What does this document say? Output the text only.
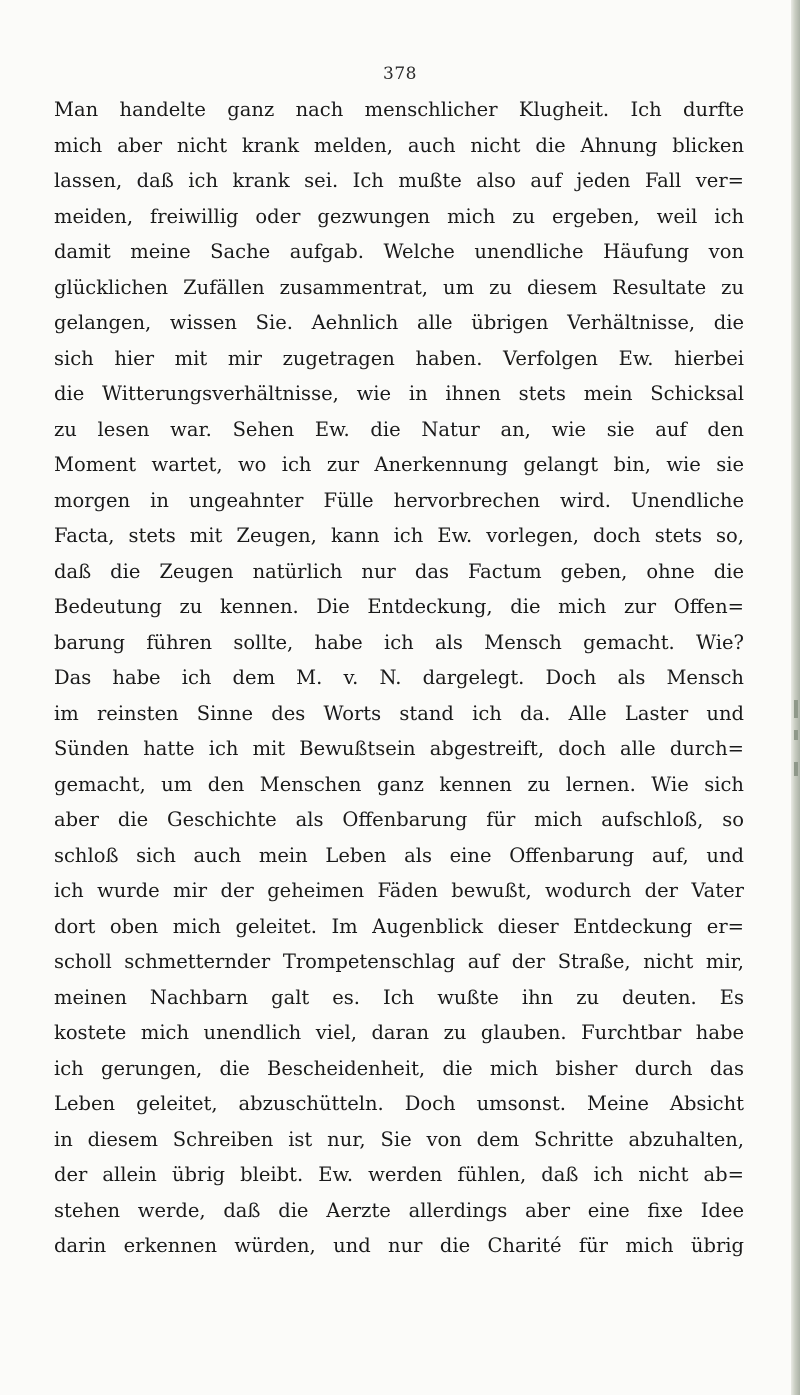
378
Man handelte ganz nach menschlicher Klugheit. Ich durfte
mich aber nicht krank melden, auch nicht die Ahnung blicken
lassen, daß ich krank sei. Ich mußte also auf jeden Fall ver=
meiden, freiwillig oder gezwungen mich zu ergeben, weil ich
damit meine Sache aufgab. Welche unendliche Häufung von
glücklichen Zufällen zusammentrat, um zu diesem Resultate zu
gelangen, wissen Sie. Aehnlich alle übrigen Verhältnisse, die
sich hier mit mir zugetragen haben. Verfolgen Ew. hierbei
die Witterungsverhältnisse, wie in ihnen stets mein Schicksal
zu lesen war. Sehen Ew. die Natur an, wie sie auf den
Moment wartet, wo ich zur Anerkennung gelangt bin, wie sie
morgen in ungeahnter Fülle hervorbrechen wird. Unendliche
Facta, stets mit Zeugen, kann ich Ew. vorlegen, doch stets so,
daß die Zeugen natürlich nur das Factum geben, ohne die
Bedeutung zu kennen. Die Entdeckung, die mich zur Offen=
barung führen sollte, habe ich als Mensch gemacht. Wie?
Das habe ich dem M. v. N. dargelegt. Doch als Mensch
im reinsten Sinne des Worts stand ich da. Alle Laster und
Sünden hatte ich mit Bewußtsein abgestreift, doch alle durch=
gemacht, um den Menschen ganz kennen zu lernen. Wie sich
aber die Geschichte als Offenbarung für mich aufschloß, so
schloß sich auch mein Leben als eine Offenbarung auf, und
ich wurde mir der geheimen Fäden bewußt, wodurch der Vater
dort oben mich geleitet. Im Augenblick dieser Entdeckung er=
scholl schmetternder Trompetenschlag auf der Straße, nicht mir,
meinen Nachbarn galt es. Ich wußte ihn zu deuten. Es
kostete mich unendlich viel, daran zu glauben. Furchtbar habe
ich gerungen, die Bescheidenheit, die mich bisher durch das
Leben geleitet, abzuschütteln. Doch umsonst. Meine Absicht
in diesem Schreiben ist nur, Sie von dem Schritte abzuhalten,
der allein übrig bleibt. Ew. werden fühlen, daß ich nicht ab=
stehen werde, daß die Aerzte allerdings aber eine fixe Idee
darin erkennen würden, und nur die Charité für mich übrig
